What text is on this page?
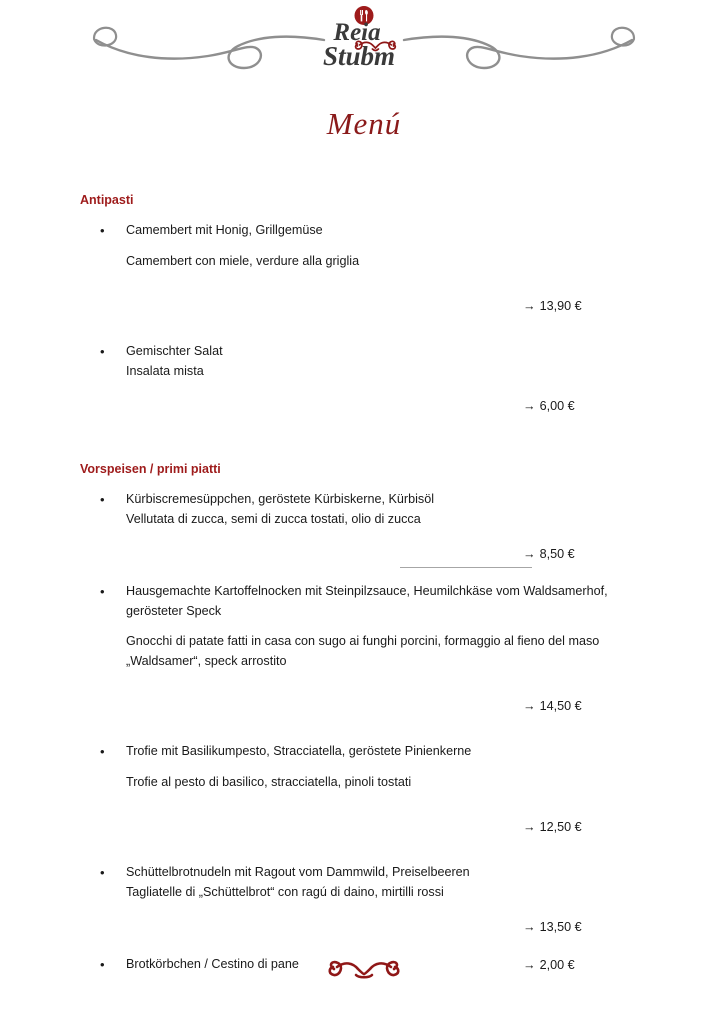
Reia
Stubm
Menú
Antipasti
• Camembert mit Honig, Grillgemüse
Camembert con miele, verdure alla griglia
→ 13,90 €
• Gemischter Salat
Insalata mista
→ 6,00 €
Vorspeisen / primi piatti
• Kürbiscremesüppchen, geröstete Kürbiskerne, Kürbisöl
Vellutata di zucca, semi di zucca tostati, olio di zucca
→ 8,50 €
• Hausgemachte Kartoffelnocken mit Steinpilzsauce, Heumilchkäse vom Waldsamerhof,
gerösteter Speck
Gnocchi di patate fatti in casa con sugo ai funghi porcini, formaggio al fieno del maso
„Waldsamer“, speck arrostito
→ 14,50 €
• Trofie mit Basilikumpesto, Stracciatella, geröstete Pinienkerne
Trofie al pesto di basilico, stracciatella, pinoli tostati
→ 12,50 €
• Schüttelbrotnudeln mit Ragout vom Dammwild, Preiselbeeren
Tagliatelle di „Schüttelbrot“ con ragú di daino, mirtilli rossi
→ 13,50 €
• Brotkörbchen / Cestino di pane	→ 2,00 €
